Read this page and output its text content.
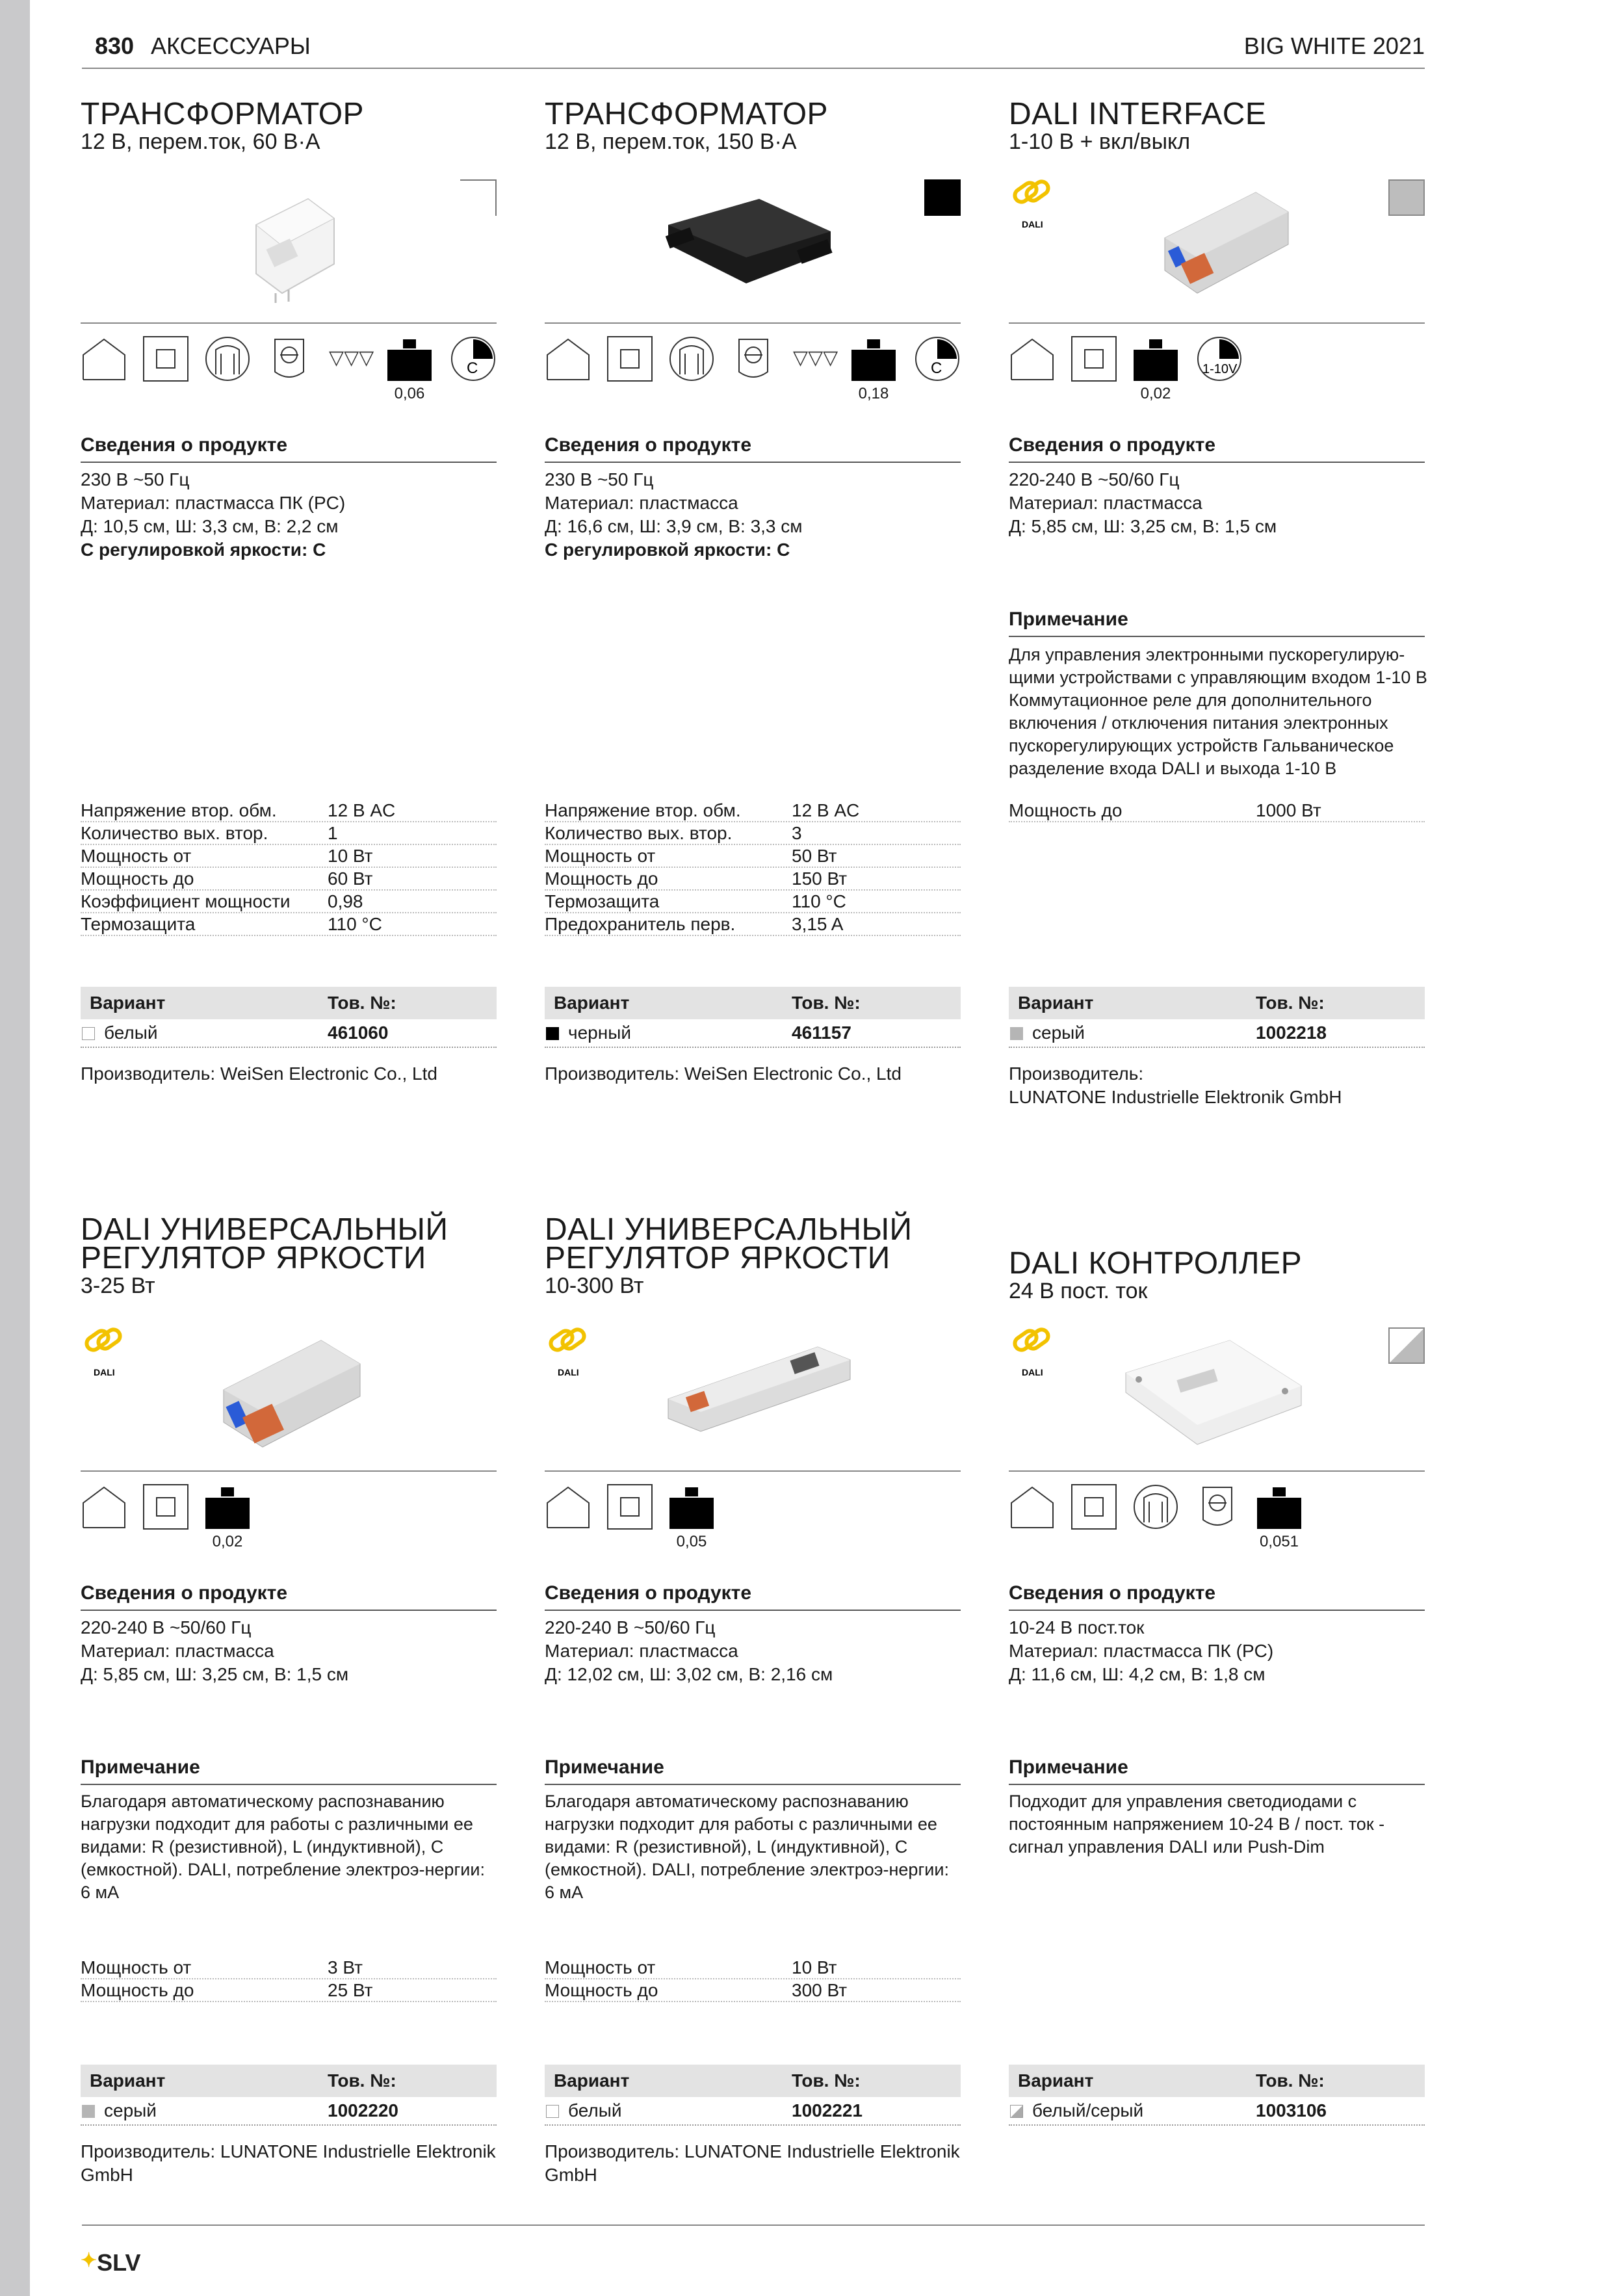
A+
830 АКСЕССУАРЫ	BIG WHITE 2021
ТРАНСФОРМАТОР
12 В, перем.ток, 60 В·А
▽▽▽	C
0,06
Сведения о продукте
230 В ~50 Гц
Материал: пластмасса ПК (PC)
Д: 10,5 см, Ш: 3,3 см, В: 2,2 см
С регулировкой яркости: C
Напряжение втор. обм.	12 В AC
Количество вых. втор.	1
Мощность от	10 Вт
Мощность до	60 Вт
Коэффициент мощности 0,98
Термозащита	110 °C
Вариант	Тов. №:
белый	461060
Производитель: WeiSen Electronic Co., Ltd
ТРАНСФОРМАТОР
12 В, перем.ток, 150 В·А
▽▽▽	C
0,18
Сведения о продукте
230 В ~50 Гц
Материал: пластмасса
Д: 16,6 см, Ш: 3,9 см, В: 3,3 см
С регулировкой яркости: C
Напряжение втор. обм.	12 В AC
Количество вых. втор.	3
Мощность от	50 Вт
Мощность до	150 Вт
Термозащита	110 °C
Предохранитель перв.	3,15 A
Вариант	Тов. №:
черный	461157
Производитель: WeiSen Electronic Co., Ltd
DALI INTERFACE
1-10 В + вкл/выкл
DALI
1-10V
0,02
Сведения о продукте
220-240 В ~50/60 Гц
Материал: пластмасса
Д: 5,85 см, Ш: 3,25 см, В: 1,5 см
Примечание
Для управления электронными пускорегулирую-щими устройствами с управляющим входом 1-10 В Коммутационное реле для дополнительного включения / отключения питания электронных пускорегулирующих устройств Гальваническое разделение входа DALI и выхода 1-10 В
Мощность до	1000 Вт
Вариант	Тов. №:
серый	1002218
Производитель:
LUNATONE Industrielle Elektronik GmbH
DALI УНИВЕРСАЛЬНЫЙ
РЕГУЛЯТОР ЯРКОСТИ
3-25 Вт
DALI
0,02
Сведения о продукте
220-240 В ~50/60 Гц
Материал: пластмасса
Д: 5,85 см, Ш: 3,25 см, В: 1,5 см
Примечание
Благодаря автоматическому распознаванию нагрузки подходит для работы с различными ее видами: R (резистивной), L (индуктивной), C (емкостной). DALI, потребление электроэ-нергии: 6 мА
Мощность от	3 Вт
Мощность до	25 Вт
Вариант	Тов. №:
серый	1002220
Производитель: LUNATONE Industrielle Elektronik GmbH
DALI УНИВЕРСАЛЬНЫЙ
РЕГУЛЯТОР ЯРКОСТИ
10-300 Вт
DALI
0,05
Сведения о продукте
220-240 В ~50/60 Гц
Материал: пластмасса
Д: 12,02 см, Ш: 3,02 см, В: 2,16 см
Примечание
Благодаря автоматическому распознаванию нагрузки подходит для работы с различными ее видами: R (резистивной), L (индуктивной), C (емкостной). DALI, потребление электроэ-нергии: 6 мА
Мощность от	10 Вт
Мощность до	300 Вт
Вариант	Тов. №:
белый	1002221
Производитель: LUNATONE Industrielle Elektronik GmbH
DALI КОНТРОЛЛЕР
24 В пост. ток
DALI
0,051
Сведения о продукте
10-24 В пост.ток
Материал: пластмасса ПК (PC)
Д: 11,6 см, Ш: 4,2 см, В: 1,8 см
Примечание
Подходит для управления светодиодами с постоянным напряжением 10-24 В / пост. ток - сигнал управления DALI или Push-Dim
Вариант	Тов. №:
белый/серый	1003106
✦SLV
